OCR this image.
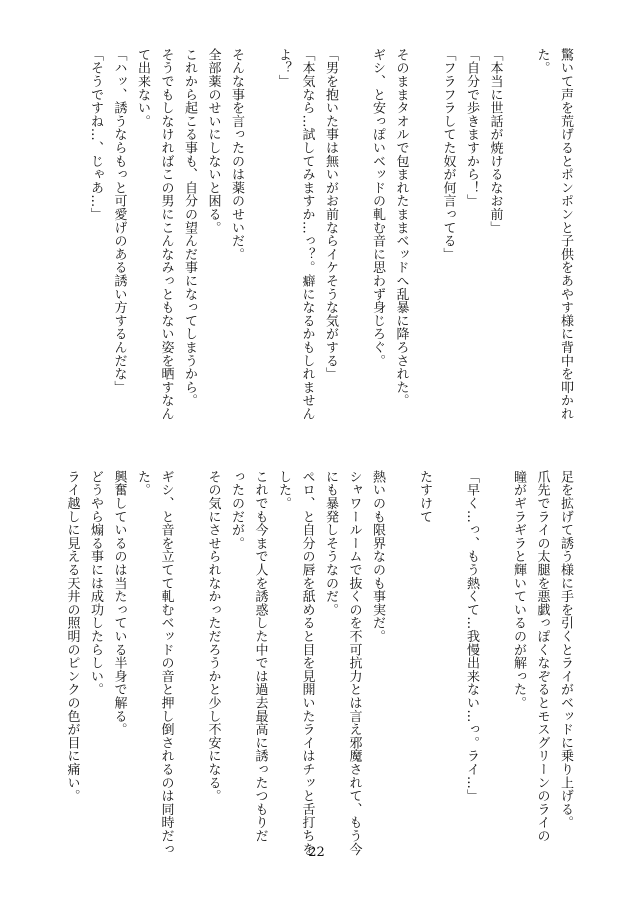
驚いて声を荒げるとポンポンと子供をあやす様に背中を叩かれ
た。
「本当に世話が焼けるなお前」
「自分で歩きますから！」
「フラフラしてた奴が何言ってる」
そのままタオルで包まれたままベッドへ乱暴に降ろされた。
ギシ、と安っぽいベッドの軋む音に思わず身じろぐ。
「男を抱いた事は無いがお前ならイケそうな気がする」
「本気なら…試してみますか…っ？。癖になるかもしれません
よ？」
そんな事を言ったのは薬のせいだ。
全部薬のせいにしないと困る。
これから起こる事も、自分の望んだ事になってしまうから。
そうでもしなければこの男にこんなみっともない姿を晒すなん
て出来ない。
「ハッ、誘うならもっと可愛げのある誘い方するんだな」
「そうですね…、じゃあ…」
足を拡げて誘う様に手を引くとライがベッドに乗り上げる。
爪先でライの太腿を悪戯っぽくなぞるとモスグリーンのライの
瞳がギラギラと輝いているのが解った。
「早く…っ、もう熱くて…我慢出来ない…っ。ライ…」
たすけて
熱いのも限界なのも事実だ。
シャワールームで抜くのを不可抗力とは言え邪魔されて、もう今
にも暴発しそうなのだ。
ペロ、と自分の唇を舐めると目を見開いたライはチッと舌打ちを
した。
これでも今まで人を誘惑した中では過去最高に誘ったつもりだ
ったのだが。
その気にさせられなかっただろうかと少し不安になる。
ギシ、と音を立てて軋むベッドの音と押し倒されるのは同時だっ
た。
興奮しているのは当たっている半身で解る。
どうやら煽る事には成功したらしい。
ライ越しに見える天井の照明のピンクの色が目に痛い。
22
